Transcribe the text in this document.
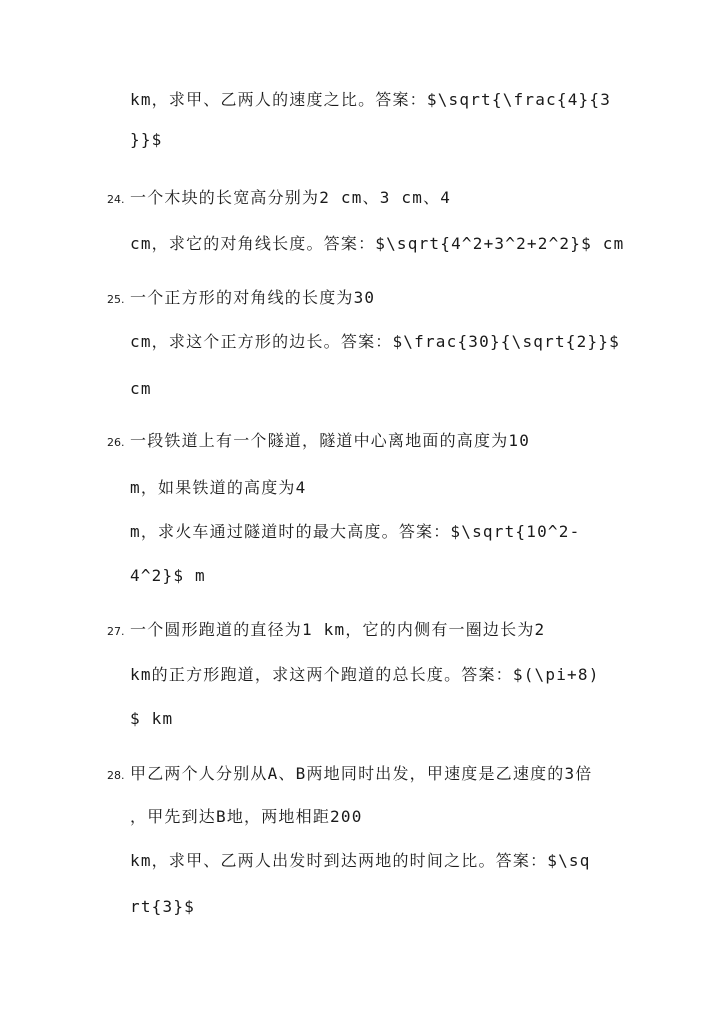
km，求甲、乙两人的速度之比。答案：$\sqrt{\frac{4}{3
}}$
24. 一个木块的长宽高分别为2 cm、3 cm、4
cm，求它的对角线长度。答案：$\sqrt{4^2+3^2+2^2}$ cm
25. 一个正方形的对角线的长度为30
cm，求这个正方形的边长。答案：$\frac{30}{\sqrt{2}}$
cm
26. 一段铁道上有一个隧道，隧道中心离地面的高度为10
m，如果铁道的高度为4
m，求火车通过隧道时的最大高度。答案：$\sqrt{10^2-
4^2}$ m
27. 一个圆形跑道的直径为1 km，它的内侧有一圈边长为2
km的正方形跑道，求这两个跑道的总长度。答案：$(\pi+8)
$ km
28. 甲乙两个人分别从A、B两地同时出发，甲速度是乙速度的3倍
，甲先到达B地，两地相距200
km，求甲、乙两人出发时到达两地的时间之比。答案：$\sq
rt{3}$
